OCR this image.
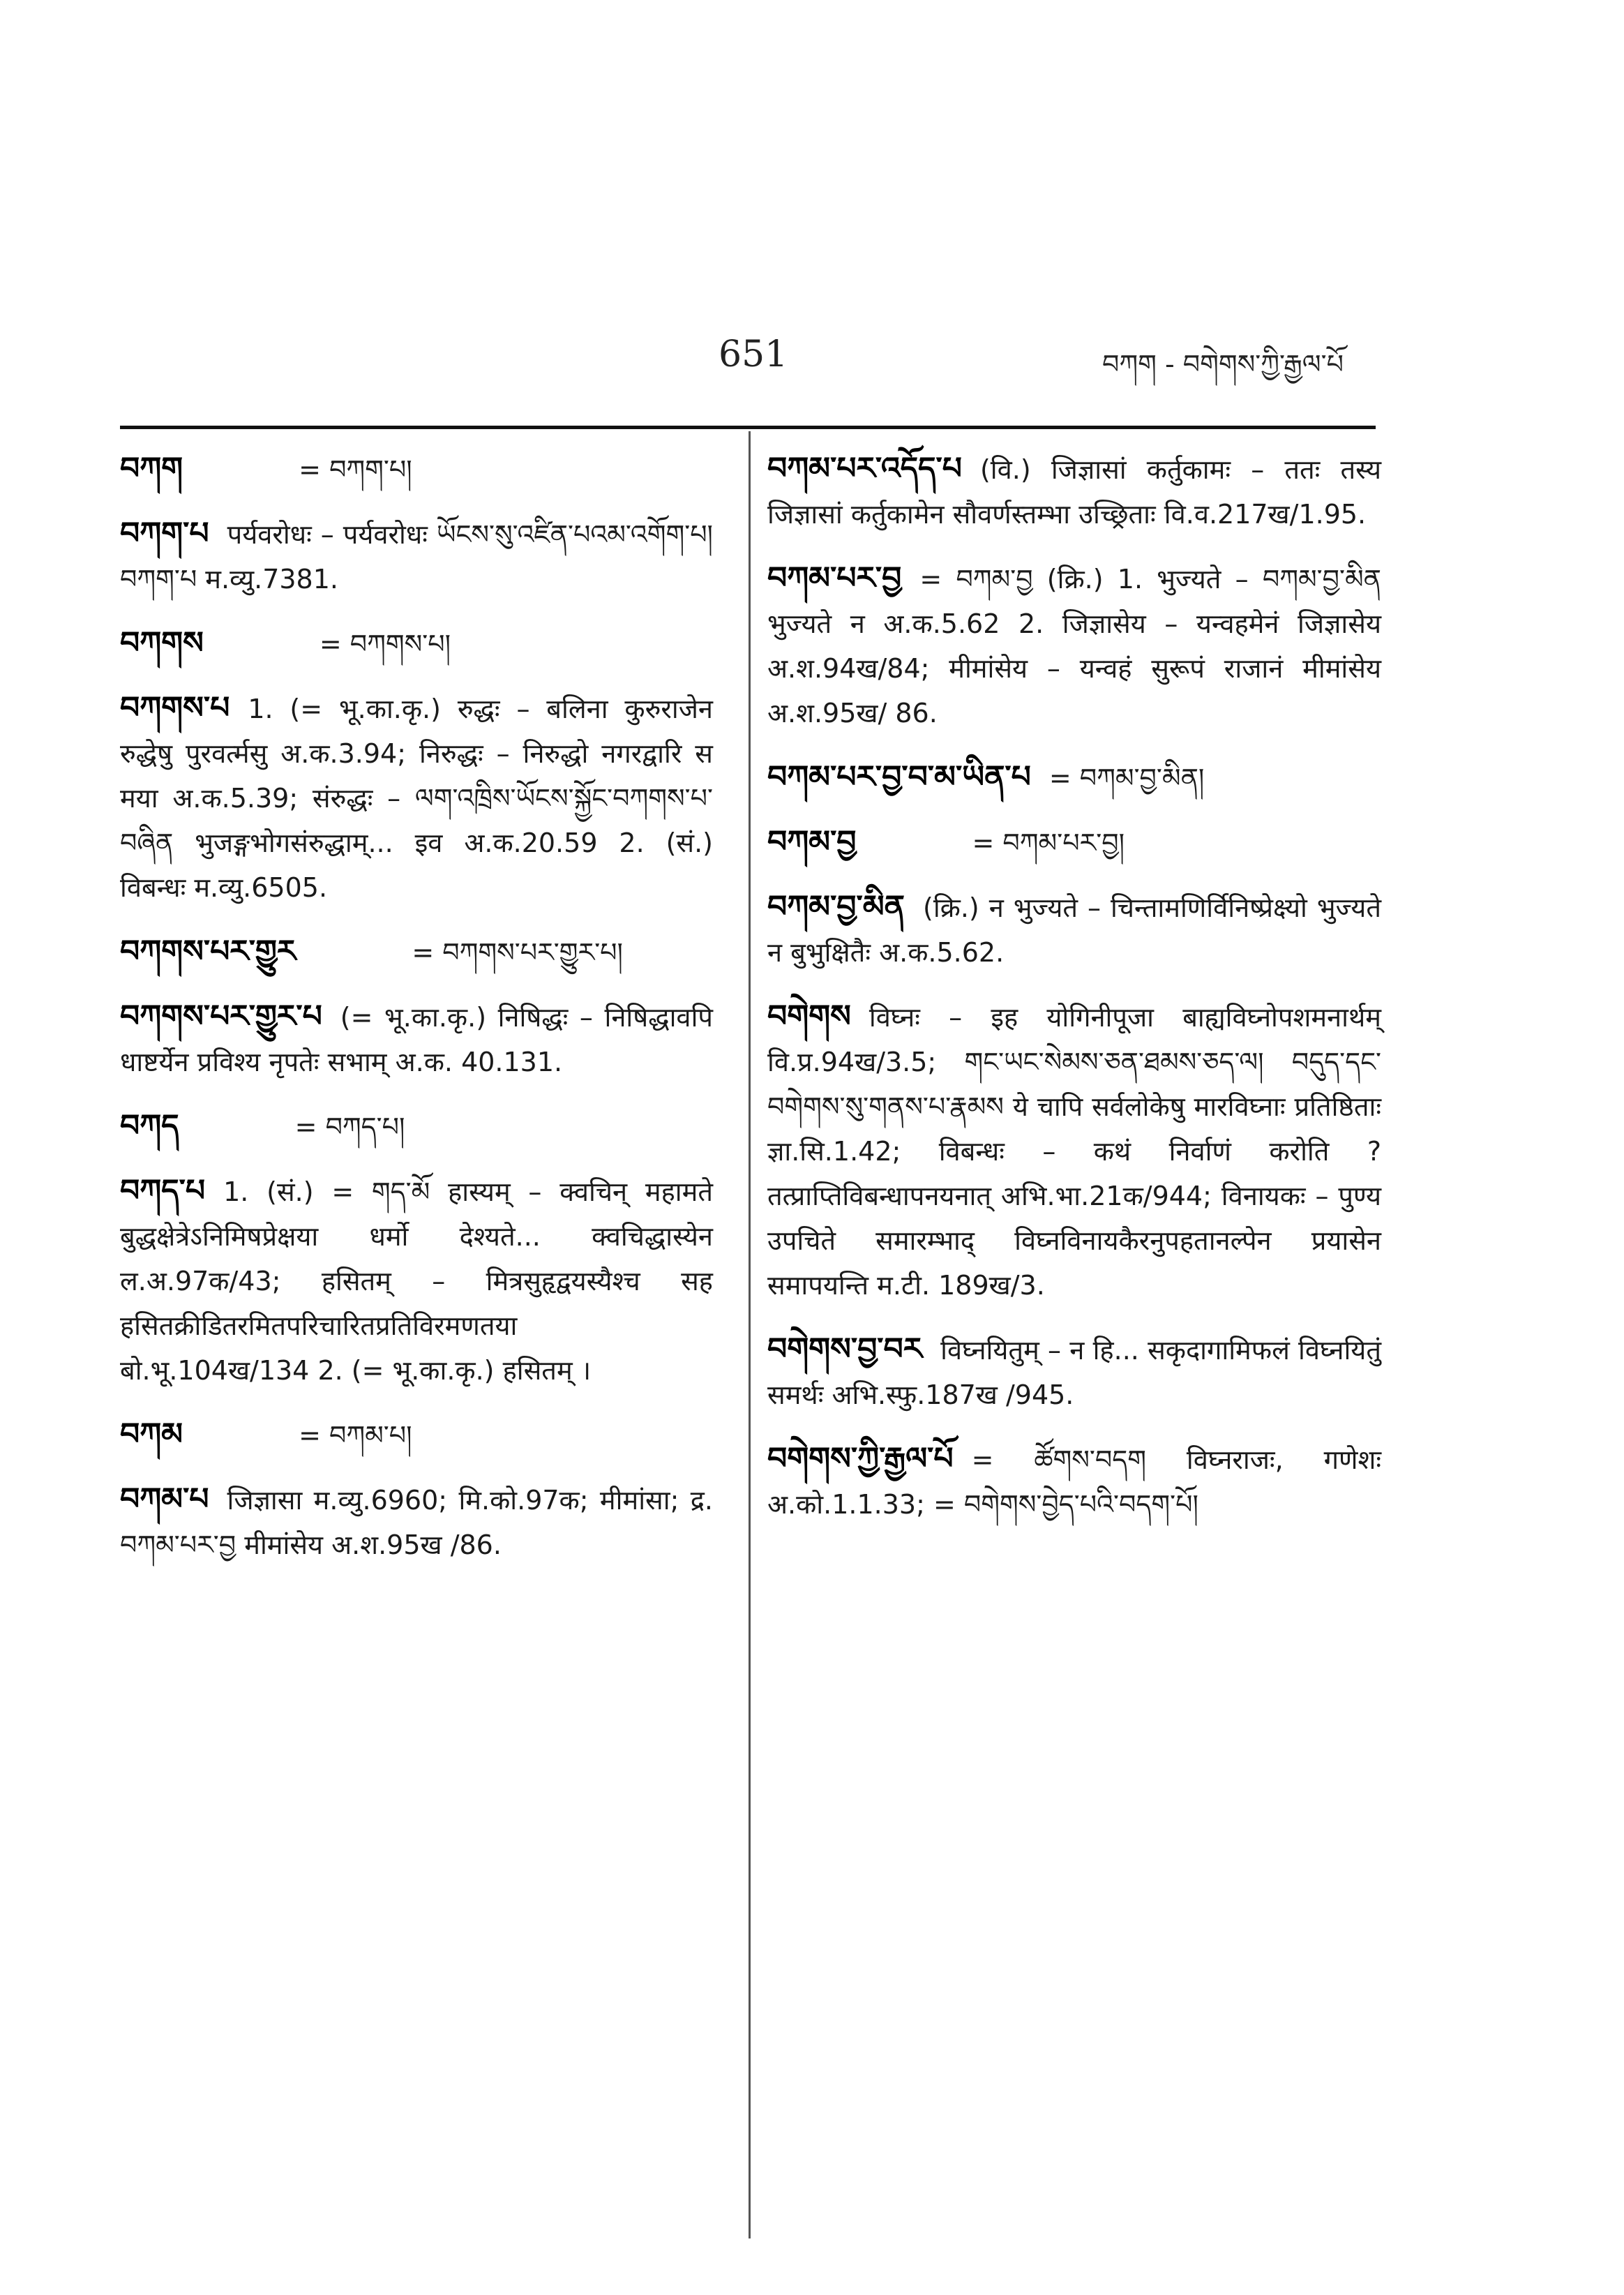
651	བཀག - བགེགས་ཀྱི་རྒྱལ་པོ
བཀག	= བཀག་པ།
བཀག་པ पर्यवरोधः – पर्यवरोधः ཡོངས་སུ་འཛིན་པའམ་འགོག་པ། བཀག་པ म.व्यु.7381.
བཀགས	= བཀགས་པ།
བཀགས་པ 1. (= भू.का.कृ.) रुद्धः – बलिना कुरुराजेन रुद्धेषु पुरवर्त्मसु अ.क.3.94; निरुद्धः – निरुद्धो नगरद्वारि स मया अ.क.5.39; संरुद्धः – ལག་འཁྲིས་ཡོངས་སྐྱོང་བཀགས་པ་བཞིན भुजङ्गभोगसंरुद्धाम्... इव अ.क.20.59 2. (सं.) विबन्धः म.व्यु.6505.
བཀགས་པར་གྱུར	= བཀགས་པར་གྱུར་པ།
བཀགས་པར་གྱུར་པ (= भू.का.कृ.) निषिद्धः – निषिद्धावपि धाष्टर्येन प्रविश्य नृपतेः सभाम् अ.क. 40.131.
བཀད	= བཀད་པ།
བཀད་པ 1. (सं.) = གད་མོ हास्यम् – क्वचिन् महामते बुद्धक्षेत्रेऽनिमिषप्रेक्षया धर्मो देश्यते... क्वचिद्धास्येन ल.अ.97क/43; हसितम् – मित्रसुहृद्वयस्यैश्च सह हसितक्रीडितरमितपरिचारितप्रतिविरमणतया बो.भू.104ख/134 2. (= भू.का.कृ.) हसितम् ।
བཀམ	= བཀམ་པ།
བཀམ་པ जिज्ञासा म.व्यु.6960; मि.को.97क; मीमांसा; द्र. བཀམ་པར་བྱ मीमांसेय अ.श.95ख /86.
བཀམ་པར་འདོད་པ (वि.) जिज्ञासां कर्तुकामः – ततः तस्य जिज्ञासां कर्तुकामेन सौवर्णस्तम्भा उच्छ्रिताः वि.व.217ख/1.95.
བཀམ་པར་བྱ = བཀམ་བྱ (क्रि.) 1. भुज्यते – བཀམ་བྱ་མིན भुज्यते न अ.क.5.62 2. जिज्ञासेय – यन्वहमेनं जिज्ञासेय अ.श.94ख/84; मीमांसेय – यन्वहं सुरूपं राजानं मीमांसेय अ.श.95ख/ 86.
བཀམ་པར་བྱ་བ་མ་ཡིན་པ = བཀམ་བྱ་མིན།
བཀམ་བྱ	= བཀམ་པར་བྱ།
བཀམ་བྱ་མིན (क्रि.) न भुज्यते – चिन्तामणिर्विनिष्प्रेक्ष्यो भुज्यते न बुभुक्षितैः अ.क.5.62.
བགེགས विघ्नः – इह योगिनीपूजा बाह्यविघ्नोपशमनार्थम् वि.प्र.94ख/3.5; གང་ཡང་སེམས་ཅན་ཐམས་ཅད་ལ། བདུད་དང་བགེགས་སུ་གནས་པ་རྣམས ये चापि सर्वलोकेषु मारविघ्नाः प्रतिष्ठिताः ज्ञा.सि.1.42; विबन्धः – कथं निर्वाणं करोति ? तत्प्राप्तिविबन्धापनयनात् अभि.भा.21क/944; विनायकः – पुण्य उपचिते समारम्भाद् विघ्नविनायकैरनुपहतानल्पेन प्रयासेन समापयन्ति म.टी. 189ख/3.
བགེགས་བྱ་བར विघ्नयितुम् – न हि... सकृदागामिफलं विघ्नयितुं समर्थः अभि.स्फु.187ख /945.
བགེགས་ཀྱི་རྒྱལ་པོ = ཚོགས་བདག विघ्नराजः, गणेशः अ.को.1.1.33; = བགེགས་བྱེད་པའི་བདག་པོ།
